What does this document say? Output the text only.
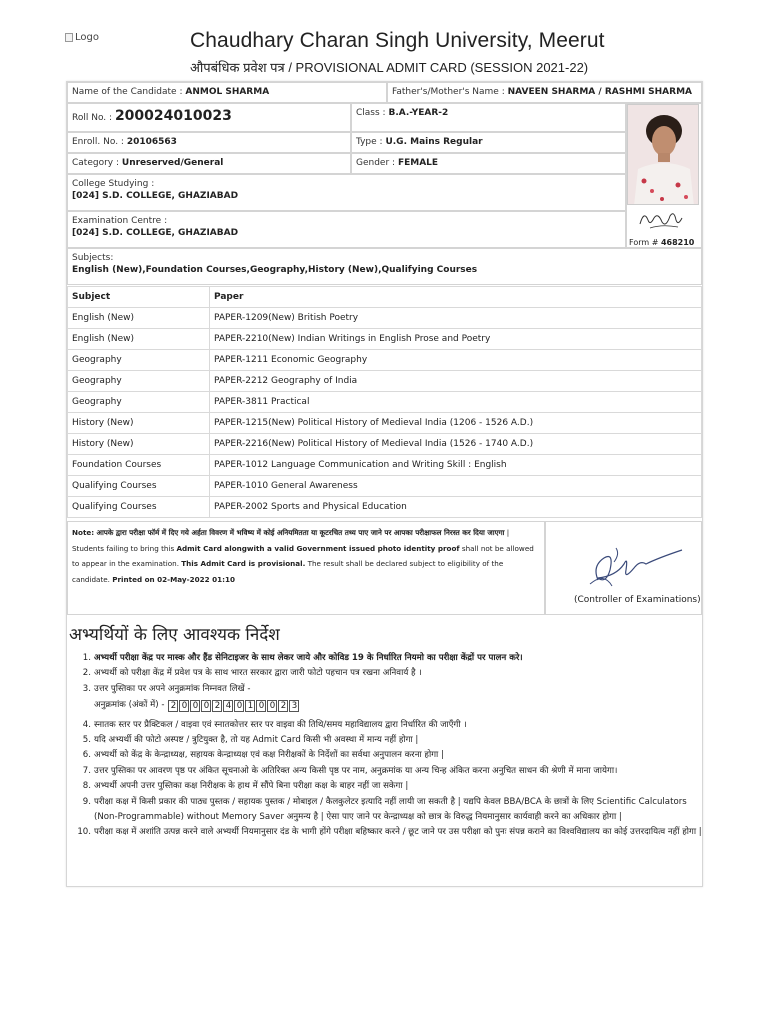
Logo	Chaudhary Charan Singh University, Meerut
औपबंधिक प्रवेश पत्र / PROVISIONAL ADMIT CARD (SESSION 2021-22)
Name of the Candidate : ANMOL SHARMA	Father's/Mother's Name : NAVEEN SHARMA / RASHMI SHARMA
Roll No. : 200024010023	Class : B.A.-YEAR-2
Enroll. No. : 20106563	Type : U.G. Mains Regular
Category : Unreserved/General	Gender : FEMALE
College Studying :
[024] S.D. COLLEGE, GHAZIABAD
Examination Centre :
[024] S.D. COLLEGE, GHAZIABAD
Subjects:
English (New),Foundation Courses,Geography,History (New),Qualifying Courses
Form # 468210
Subject	Paper
English (New)	PAPER-1209(New) British Poetry
English (New)	PAPER-2210(New) Indian Writings in English Prose and Poetry
Geography	PAPER-1211 Economic Geography
Geography	PAPER-2212 Geography of India
Geography	PAPER-3811 Practical
History (New)	PAPER-1215(New) Political History of Medieval India (1206 - 1526 A.D.)
History (New)	PAPER-2216(New) Political History of Medieval India (1526 - 1740 A.D.)
Foundation Courses	PAPER-1012 Language Communication and Writing Skill : English
Qualifying Courses	PAPER-1010 General Awareness
Qualifying Courses	PAPER-2002 Sports and Physical Education
Note: आपके द्वारा परीक्षा फॉर्म में दिए गये अर्हता विवरण में भविष्य में कोई अनियमितता या कूटरचित तथ्य पाए जाने पर आपका परीक्षाफल निरस्त कर दिया जाएगा | Students failing to bring this Admit Card alongwith a valid Government issued photo identity proof shall not be allowed to appear in the examination. This Admit Card is provisional. The result shall be declared subject to eligibility of the candidate. Printed on 02-May-2022 01:10
(Controller of Examinations)
अभ्यर्थियों के लिए आवश्यक निर्देश
1. अभ्यर्थी परीक्षा केंद्र पर मास्क और हैंड सेनिटाइजर के साथ लेकर जाये और कोविड 19 के निर्धारित नियमो का परीक्षा केंद्रों पर पालन करे।
2. अभ्यर्थी को परीक्षा केंद्र में प्रवेश पत्र के साथ भारत सरकार द्वारा जारी फोटो पहचान पत्र रखना अनिवार्य है ।
3. उत्तर पुस्तिका पर अपने अनुक्रमांक निम्नवत लिखें -
अनुक्रमांक (अंकों में) - 2 0 0 0 2 4 0 1 0 0 2 3
4. स्नातक स्तर पर प्रैक्टिकल / वाइवा एवं स्नातकोत्तर स्तर पर वाइवा की तिथि/समय महाविद्यालय द्वारा निर्धारित की जाएँगी ।
5. यदि अभ्यर्थी की फोटो अस्पष्ट / त्रुटियुक्त है, तो यह Admit Card किसी भी अवस्था में मान्य नहीं होगा |
6. अभ्यर्थी को केंद्र के केन्द्राध्यक्ष, सहायक केन्द्राध्यक्ष एवं कक्ष निरीक्षकों के निर्देशों का सर्वथा अनुपालन करना होगा |
7. उत्तर पुस्तिका पर आवरण पृष्ठ पर अंकित सूचनाओ के अतिरिक्त अन्य किसी पृष्ठ पर नाम, अनुक्रमांक या अन्य चिन्ह अंकित करना अनुचित साधन की श्रेणी में माना जायेगा।
8. अभ्यर्थी अपनी उत्तर पुस्तिका कक्ष निरीक्षक के हाथ में सौंपे बिना परीक्षा कक्ष के बाहर नहीं जा सकेगा |
9. परीक्षा कक्ष में किसी प्रकार की पाठ्य पुस्तक / सहायक पुस्तक / मोबाइल / कैलकुलेटर इत्यादि नहीं लायी जा सकती है | यद्यपि केवल BBA/BCA के छात्रों के लिए Scientific Calculators (Non-Programmable) without Memory Saver अनुमन्य है | ऐसा पाए जाने पर केन्द्राध्यक्ष को छात्र के विरुद्ध नियमानुसार कार्यवाही करने का अधिकार होगा |
10. परीक्षा कक्ष में अशांति उत्पन्न करने वाले अभ्यर्थी नियमानुसार दंड के भागी होंगे परीक्षा बहिष्कार करने / छूट जाने पर उस परीक्षा को पुनः संपन्न कराने का विश्वविद्यालय का कोई उत्तरदायित्व नहीं होगा |
